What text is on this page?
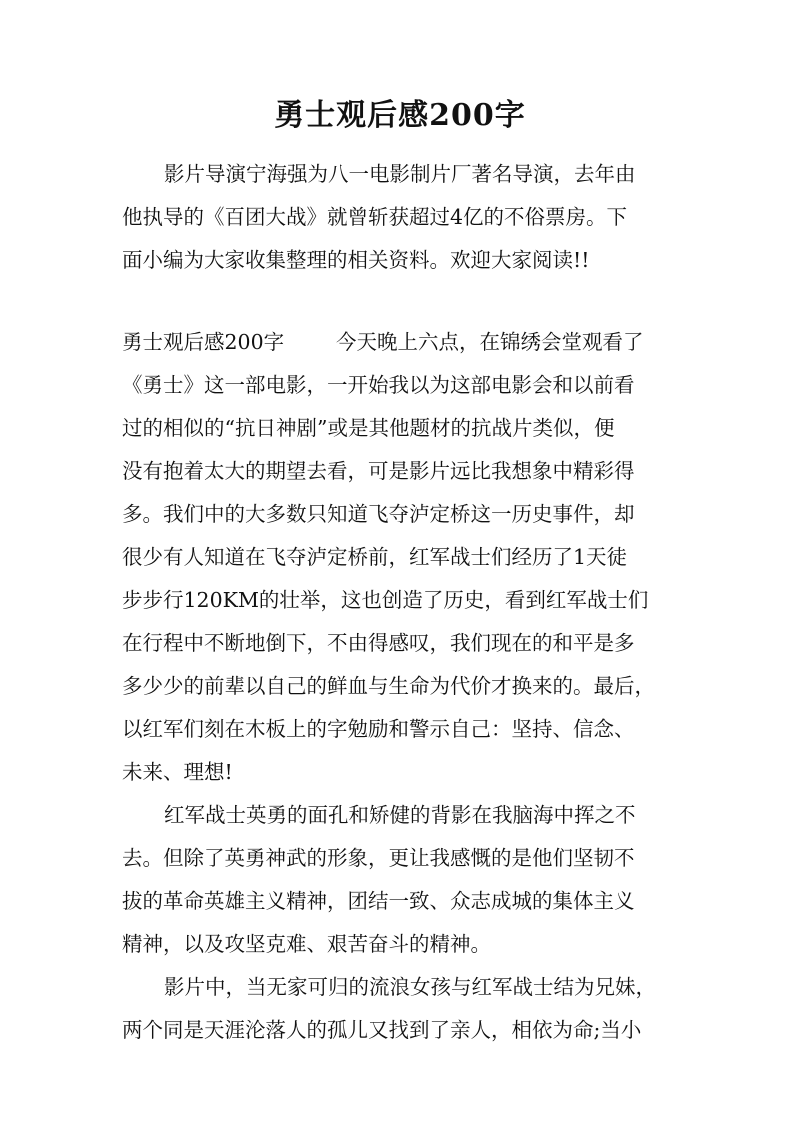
勇士观后感200字
影片导演宁海强为八一电影制片厂著名导演，去年由
他执导的《百团大战》就曾斩获超过4亿的不俗票房。下
面小编为大家收集整理的相关资料。欢迎大家阅读!!
勇士观后感200字	今天晚上六点，在锦绣会堂观看了
《勇士》这一部电影，一开始我以为这部电影会和以前看
过的相似的“抗日神剧”或是其他题材的抗战片类似，便
没有抱着太大的期望去看，可是影片远比我想象中精彩得
多。我们中的大多数只知道飞夺泸定桥这一历史事件，却
很少有人知道在飞夺泸定桥前，红军战士们经历了1天徒
步步行120KM的壮举，这也创造了历史，看到红军战士们
在行程中不断地倒下，不由得感叹，我们现在的和平是多
多少少的前辈以自己的鲜血与生命为代价才换来的。最后，
以红军们刻在木板上的字勉励和警示自己：坚持、信念、
未来、理想!
红军战士英勇的面孔和矫健的背影在我脑海中挥之不
去。但除了英勇神武的形象，更让我感慨的是他们坚韧不
拔的革命英雄主义精神，团结一致、众志成城的集体主义
精神，以及攻坚克难、艰苦奋斗的精神。
影片中，当无家可归的流浪女孩与红军战士结为兄妹，
两个同是天涯沦落人的孤儿又找到了亲人，相依为命;当小
